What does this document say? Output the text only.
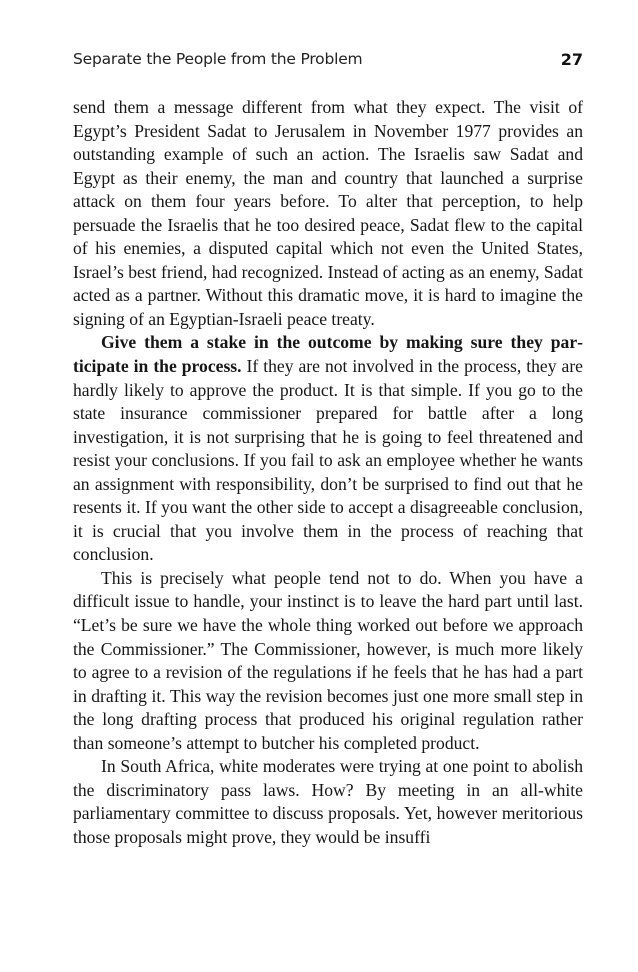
Separate the People from the Problem	27

send them a message different from what they expect. The visit of Egypt’s President Sadat to Jerusalem in November 1977 provides an outstanding example of such an action. The Israelis saw Sadat and Egypt as their enemy, the man and country that launched a surprise attack on them four years before. To alter that perception, to help persuade the Israelis that he too desired peace, Sadat flew to the capital of his enemies, a disputed capital which not even the United States, Israel’s best friend, had recognized. Instead of acting as an enemy, Sadat acted as a partner. Without this dramatic move, it is hard to imagine the signing of an Egyptian-Israeli peace treaty.

Give them a stake in the outcome by making sure they participate in the process. If they are not involved in the process, they are hardly likely to approve the product. It is that simple. If you go to the state insurance commissioner prepared for battle after a long investigation, it is not surprising that he is going to feel threatened and resist your conclusions. If you fail to ask an employee whether he wants an assignment with responsibility, don’t be surprised to find out that he resents it. If you want the other side to accept a disagreeable conclusion, it is crucial that you involve them in the process of reaching that conclusion.

This is precisely what people tend not to do. When you have a difficult issue to handle, your instinct is to leave the hard part until last. “Let’s be sure we have the whole thing worked out before we approach the Commissioner.” The Commissioner, however, is much more likely to agree to a revision of the regulations if he feels that he has had a part in drafting it. This way the revision becomes just one more small step in the long drafting process that produced his original regulation rather than someone’s attempt to butcher his completed product.

In South Africa, white moderates were trying at one point to abolish the discriminatory pass laws. How? By meeting in an all-white parliamentary committee to discuss proposals. Yet, however meritorious those proposals might prove, they would be insuffi
